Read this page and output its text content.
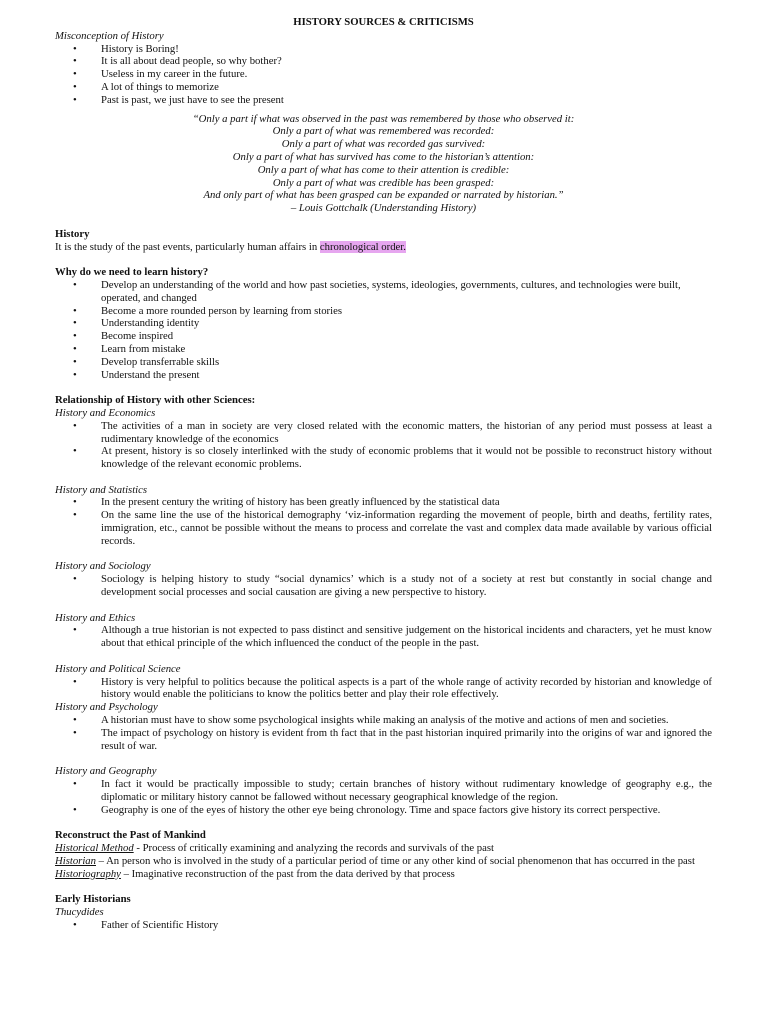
HISTORY SOURCES & CRITICISMS
Misconception of History
• History is Boring!
• It is all about dead people, so why bother?
• Useless in my career in the future.
• A lot of things to memorize
• Past is past, we just have to see the present
“Only a part if what was observed in the past was remembered by those who observed it:
Only a part of what was remembered was recorded:
Only a part of what was recorded gas survived:
Only a part of what has survived has come to the historian’s attention:
Only a part of what has come to their attention is credible:
Only a part of what was credible has been grasped:
And only part of what has been grasped can be expanded or narrated by historian.”
– Louis Gottchalk (Understanding History)
History
It is the study of the past events, particularly human affairs in chronological order.
Why do we need to learn history?
• Develop an understanding of the world and how past societies, systems, ideologies, governments, cultures, and technologies were built, operated, and changed
• Become a more rounded person by learning from stories
• Understanding identity
• Become inspired
• Learn from mistake
• Develop transferrable skills
• Understand the present
Relationship of History with other Sciences:
History and Economics
• The activities of a man in society are very closed related with the economic matters, the historian of any period must possess at least a rudimentary knowledge of the economics
• At present, history is so closely interlinked with the study of economic problems that it would not be possible to reconstruct history without knowledge of the relevant economic problems.
History and Statistics
• In the present century the writing of history has been greatly influenced by the statistical data
• On the same line the use of the historical demography ‘viz-information regarding the movement of people, birth and deaths, fertility rates, immigration, etc., cannot be possible without the means to process and correlate the vast and complex data made available by various official records.
History and Sociology
• Sociology is helping history to study “social dynamics’ which is a study not of a society at rest but constantly in social change and development social processes and social causation are giving a new perspective to history.
History and Ethics
• Although a true historian is not expected to pass distinct and sensitive judgement on the historical incidents and characters, yet he must know about that ethical principle of the which influenced the conduct of the people in the past.
History and Political Science
• History is very helpful to politics because the political aspects is a part of the whole range of activity recorded by historian and knowledge of history would enable the politicians to know the politics better and play their role effectively.
History and Psychology
• A historian must have to show some psychological insights while making an analysis of the motive and actions of men and societies.
• The impact of psychology on history is evident from th fact that in the past historian inquired primarily into the origins of war and ignored the result of war.
History and Geography
• In fact it would be practically impossible to study; certain branches of history without rudimentary knowledge of geography e.g., the diplomatic or military history cannot be fallowed without necessary geographical knowledge of the region.
• Geography is one of the eyes of history the other eye being chronology. Time and space factors give history its correct perspective.
Reconstruct the Past of Mankind
Historical Method - Process of critically examining and analyzing the records and survivals of the past
Historian – An person who is involved in the study of a particular period of time or any other kind of social phenomenon that has occurred in the past
Historiography – Imaginative reconstruction of the past from the data derived by that process
Early Historians
Thucydides
• Father of Scientific History
